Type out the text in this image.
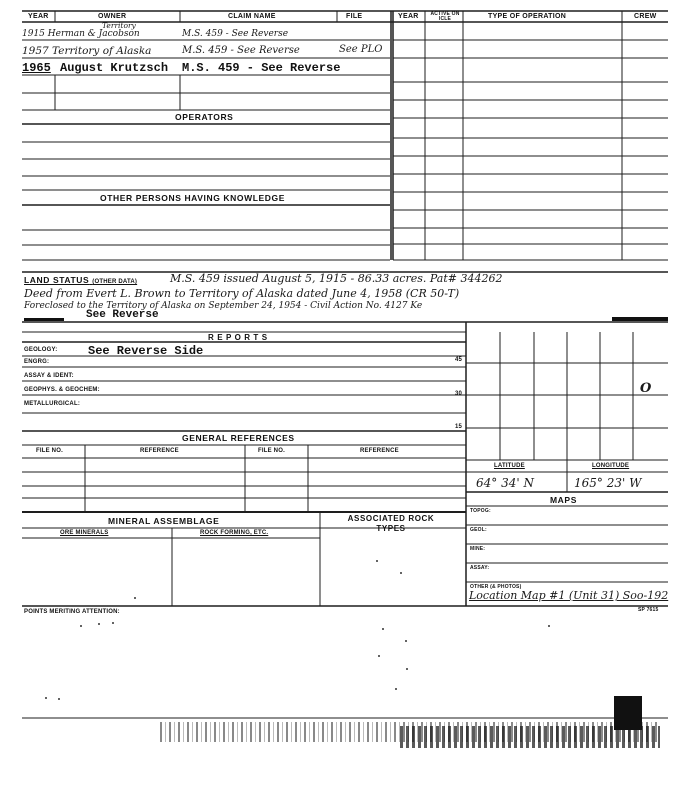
YEAR	OWNER	CLAIM NAME	FILE	YEAR ACTIVE ON ICLE	TYPE OF OPERATION	CREW
Territory
1915 Herman & Jacobson	M.S. 459 - See Reverse
1957 Territory of Alaska	M.S. 459 - See Reverse	See PLO
1965 August Krutzsch M.S. 459 - See Reverse
OPERATORS
OTHER PERSONS HAVING KNOWLEDGE
LAND STATUS (OTHER DATA)	M.S. 459 issued August 5, 1915 - 86.33 acres. Pat# 344262
Deed from Evert L. Brown to Territory of Alaska dated June 4, 1958 (CR 50-T)
Foreclosed to the Territory of Alaska on September 24, 1954 - Civil Action No. 4127 Ke
See Reverse
R E P O R T S
GEOLOGY:	See Reverse Side
ENGRG:
ASSAY & IDENT:
GEOPHYS. & GEOCHEM:
METALLURGICAL:
45
30
15
O
GENERAL REFERENCES
FILE NO.	REFERENCE	FILE NO.	REFERENCE
LATITUDE	LONGITUDE
64° 34' N	165° 23' W
MAPS
TOPOG:
GEOL:
MINE:
ASSAY:
OTHER (& PHOTOS)
Location Map #1 (Unit 31) Soo-192
SP 7615
MINERAL ASSEMBLAGE	ASSOCIATED ROCK TYPES
ORE MINERALS	ROCK FORMING, ETC.
POINTS MERITING ATTENTION:
